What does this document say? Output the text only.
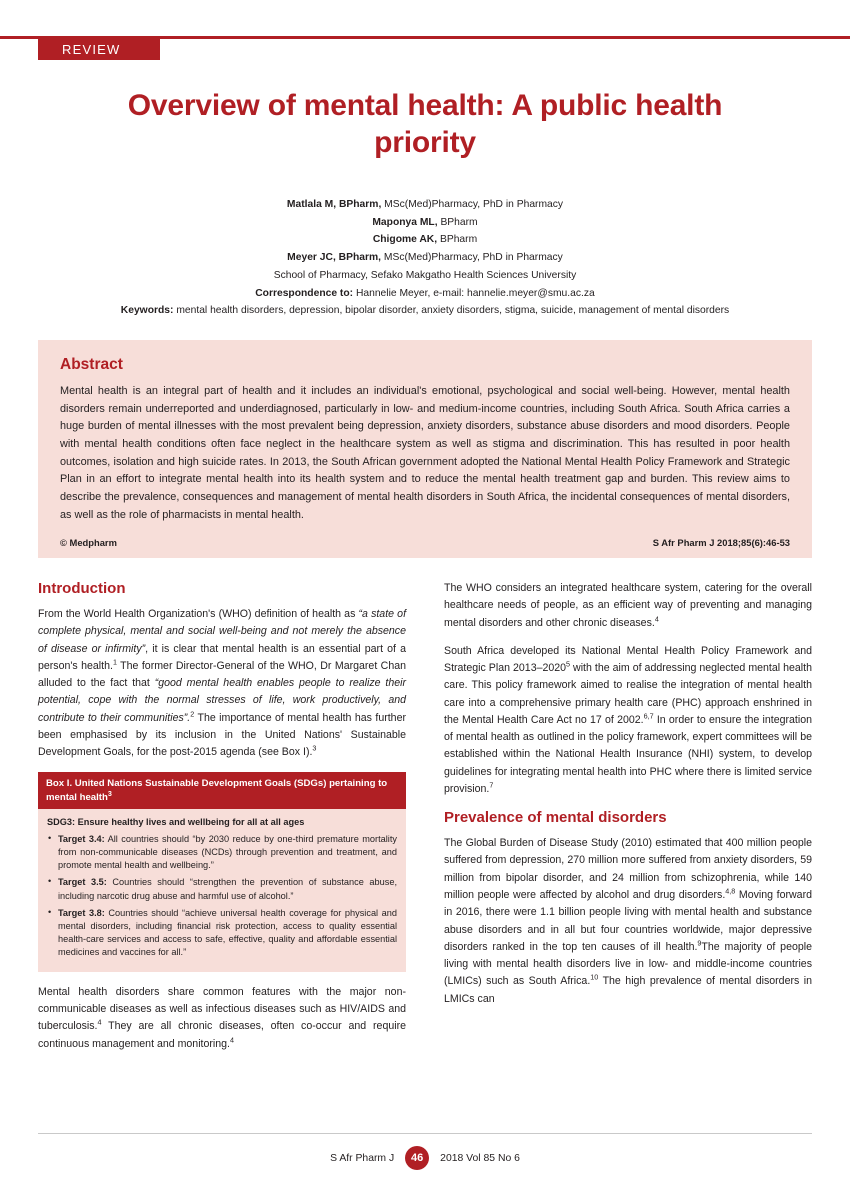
REVIEW
Overview of mental health: A public health priority
Matlala M, BPharm, MSc(Med)Pharmacy, PhD in Pharmacy
Maponya ML, BPharm
Chigome AK, BPharm
Meyer JC, BPharm, MSc(Med)Pharmacy, PhD in Pharmacy
School of Pharmacy, Sefako Makgatho Health Sciences University
Correspondence to: Hannelie Meyer, e-mail: hannelie.meyer@smu.ac.za
Keywords: mental health disorders, depression, bipolar disorder, anxiety disorders, stigma, suicide, management of mental disorders
Abstract
Mental health is an integral part of health and it includes an individual's emotional, psychological and social well-being. However, mental health disorders remain underreported and underdiagnosed, particularly in low- and medium-income countries, including South Africa. South Africa carries a huge burden of mental illnesses with the most prevalent being depression, anxiety disorders, substance abuse disorders and mood disorders. People with mental health conditions often face neglect in the healthcare system as well as stigma and discrimination. This has resulted in poor health outcomes, isolation and high suicide rates. In 2013, the South African government adopted the National Mental Health Policy Framework and Strategic Plan in an effort to integrate mental health into its health system and to reduce the mental health treatment gap and burden. This review aims to describe the prevalence, consequences and management of mental health disorders in South Africa, the incidental consequences of mental disorders, as well as the role of pharmacists in mental health.
© Medpharm	S Afr Pharm J 2018;85(6):46-53
Introduction

From the World Health Organization's (WHO) definition of health as “a state of complete physical, mental and social well-being and not merely the absence of disease or infirmity”, it is clear that mental health is an essential part of a person's health.$^1$ The former Director-General of the WHO, Dr Margaret Chan alluded to the fact that “good mental health enables people to realize their potential, cope with the normal stresses of life, work productively, and contribute to their communities”.$^2$ The importance of mental health has further been emphasised by its inclusion in the United Nations' Sustainable Development Goals, for the post-2015 agenda (see Box I).$^3$

Box I. United Nations Sustainable Development Goals (SDGs) pertaining to mental health$^3$
SDG3: Ensure healthy lives and wellbeing for all at all ages
• Target 3.4: All countries should “by 2030 reduce by one-third premature mortality from non-communicable diseases (NCDs) through prevention and treatment, and promote mental health and wellbeing.”
• Target 3.5: Countries should “strengthen the prevention of substance abuse, including narcotic drug abuse and harmful use of alcohol.”
• Target 3.8: Countries should “achieve universal health coverage for physical and mental disorders, including financial risk protection, access to quality essential health-care services and access to safe, effective, quality and affordable essential medicines and vaccines for all.”

Mental health disorders share common features with the major non-communicable diseases as well as infectious diseases such as HIV/AIDS and tuberculosis.$^4$ They are all chronic diseases, often co-occur and require continuous management and monitoring.$^4$

The WHO considers an integrated healthcare system, catering for the overall healthcare needs of people, as an efficient way of preventing and managing mental disorders and other chronic diseases.$^4$

South Africa developed its National Mental Health Policy Framework and Strategic Plan 2013–2020$^5$ with the aim of addressing neglected mental health care. This policy framework aimed to realise the integration of mental health care into a comprehensive primary health care (PHC) approach enshrined in the Mental Health Care Act no 17 of 2002.$^{6,7}$ In order to ensure the integration of mental health as outlined in the policy framework, expert committees will be established within the National Health Insurance (NHI) system, to develop guidelines for integrating mental health into PHC where there is limited service provision.$^7$

Prevalence of mental disorders

The Global Burden of Disease Study (2010) estimated that 400 million people suffered from depression, 270 million more suffered from anxiety disorders, 59 million from bipolar disorder, and 24 million from schizophrenia, while 140 million people were affected by alcohol and drug disorders.$^{4,8}$ Moving forward in 2016, there were 1.1 billion people living with mental health and substance abuse disorders and in all but four countries worldwide, major depressive disorders ranked in the top ten causes of ill health.$^9$The majority of people living with mental health disorders live in low- and middle-income countries (LMICs) such as South Africa.$^{10}$ The high prevalence of mental disorders in LMICs can

S Afr Pharm J	46	2018 Vol 85 No 6
